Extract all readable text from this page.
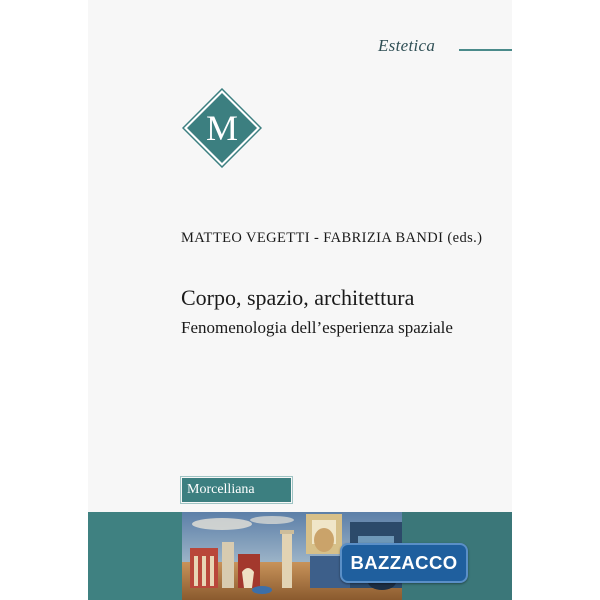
Estetica
M
MATTEO VEGETTI - FABRIZIA BANDI (eds.)
Corpo, spazio, architettura
Fenomenologia dell’esperienza spaziale
Morcelliana
BAZZACCO
